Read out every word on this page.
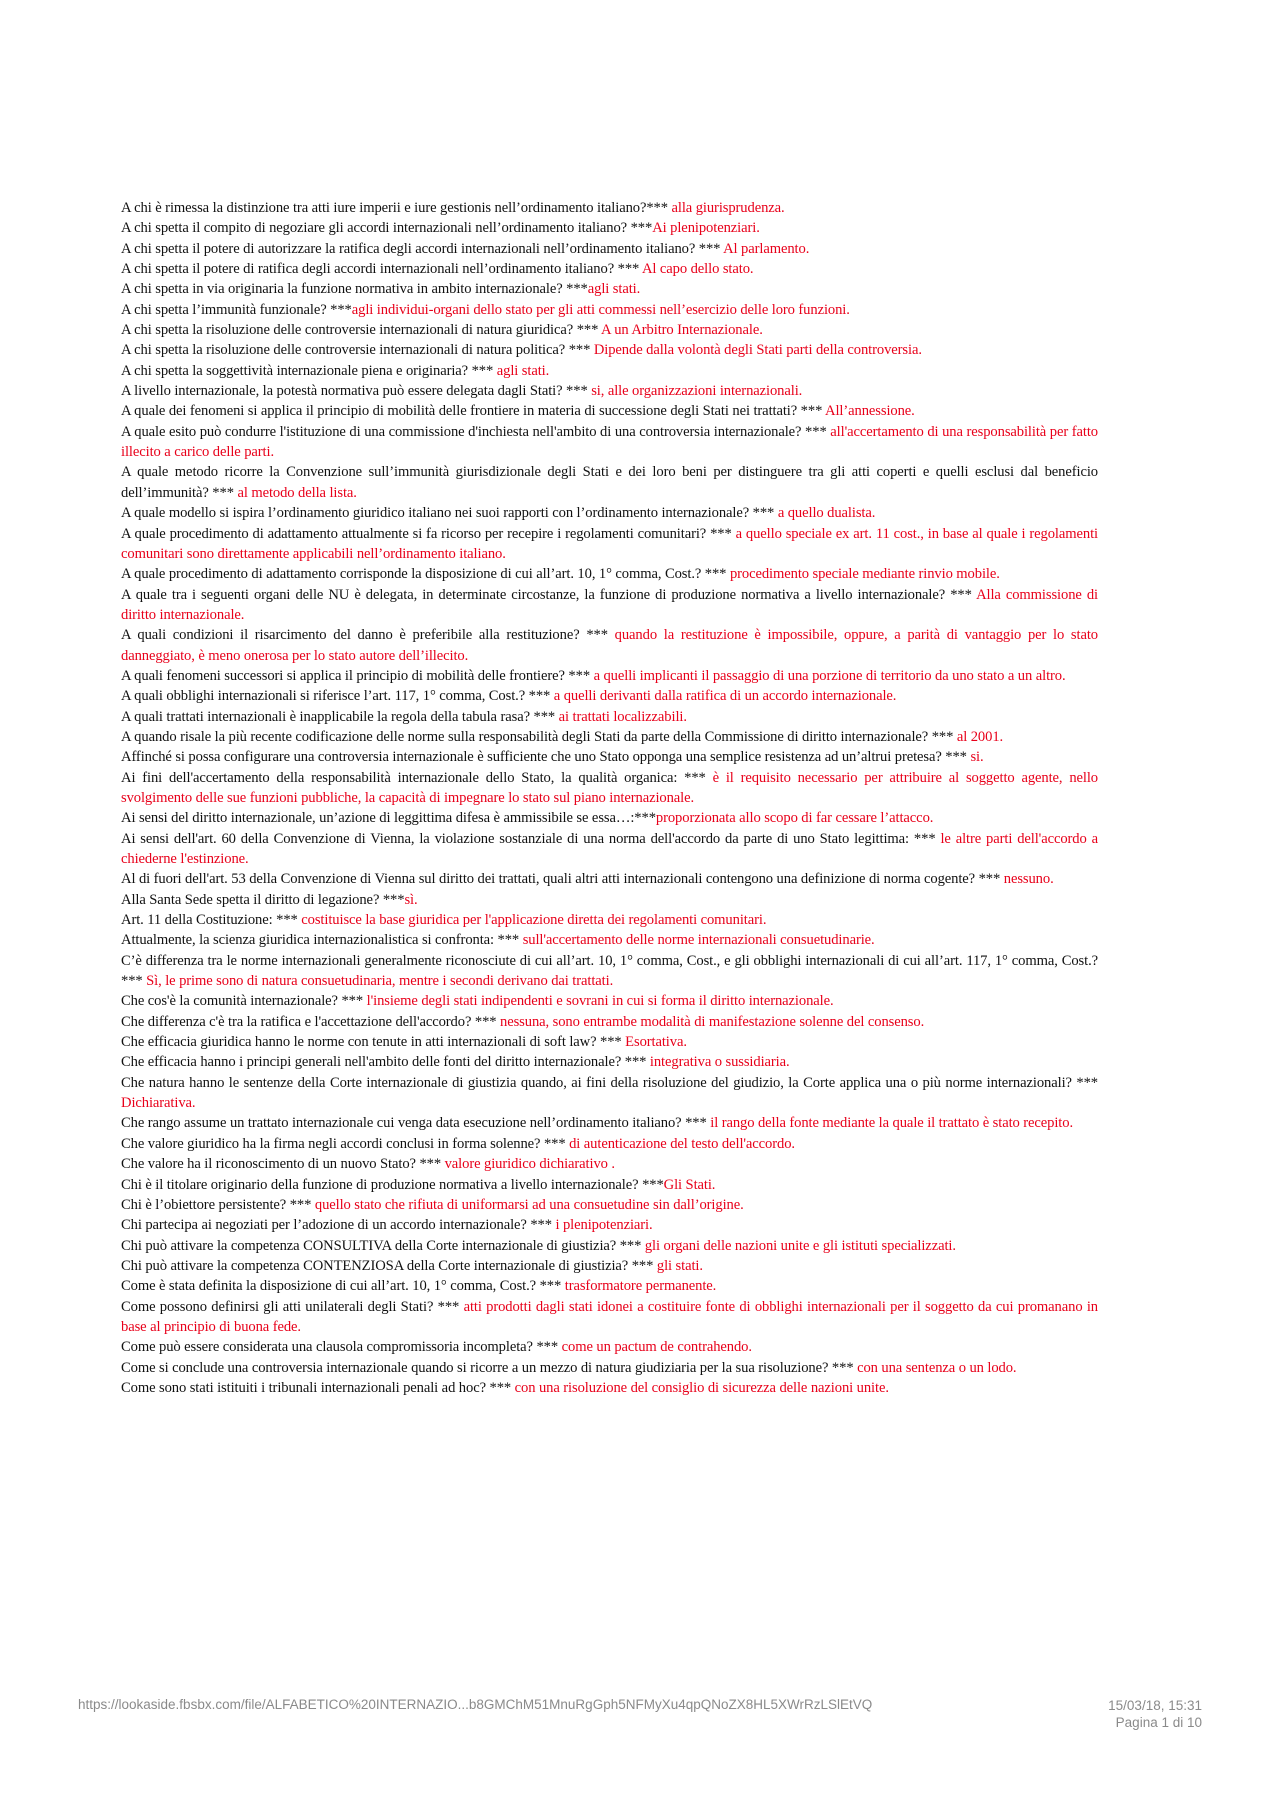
A chi è rimessa la distinzione tra atti iure imperii e iure gestionis nell’ordinamento italiano?*** alla giurisprudenza.
A chi spetta il compito di negoziare gli accordi internazionali nell’ordinamento italiano? ***Ai plenipotenziari.
A chi spetta il potere di autorizzare la ratifica degli accordi internazionali nell’ordinamento italiano? *** Al parlamento.
A chi spetta il potere di ratifica degli accordi internazionali nell’ordinamento italiano? *** Al capo dello stato.
A chi spetta in via originaria la funzione normativa in ambito internazionale? ***agli stati.
A chi spetta l’immunità funzionale? ***agli individui-organi dello stato per gli atti commessi nell’esercizio delle loro funzioni.
A chi spetta la risoluzione delle controversie internazionali di natura giuridica? *** A un Arbitro Internazionale.
A chi spetta la risoluzione delle controversie internazionali di natura politica? *** Dipende dalla volontà degli Stati parti della controversia.
A chi spetta la soggettività internazionale piena e originaria? *** agli stati.
A livello internazionale, la potestà normativa può essere delegata dagli Stati? *** si, alle organizzazioni internazionali.
A quale dei fenomeni si applica il principio di mobilità delle frontiere in materia di successione degli Stati nei trattati? *** All’annessione.
A quale esito può condurre l'istituzione di una commissione d'inchiesta nell'ambito di una controversia internazionale? *** all'accertamento di una responsabilità per fatto illecito a carico delle parti.
A quale metodo ricorre la Convenzione sull’immunità giurisdizionale degli Stati e dei loro beni per distinguere tra gli atti coperti e quelli esclusi dal beneficio dell’immunità? *** al metodo della lista.
A quale modello si ispira l’ordinamento giuridico italiano nei suoi rapporti con l’ordinamento internazionale? *** a quello dualista.
A quale procedimento di adattamento attualmente si fa ricorso per recepire i regolamenti comunitari? *** a quello speciale ex art. 11 cost., in base al quale i regolamenti comunitari sono direttamente applicabili nell’ordinamento italiano.
A quale procedimento di adattamento corrisponde la disposizione di cui all’art. 10, 1° comma, Cost.? *** procedimento speciale mediante rinvio mobile.
A quale tra i seguenti organi delle NU è delegata, in determinate circostanze, la funzione di produzione normativa a livello internazionale? *** Alla commissione di diritto internazionale.
A quali condizioni il risarcimento del danno è preferibile alla restituzione? *** quando la restituzione è impossibile, oppure, a parità di vantaggio per lo stato danneggiato, è meno onerosa per lo stato autore dell’illecito.
A quali fenomeni successori si applica il principio di mobilità delle frontiere? *** a quelli implicanti il passaggio di una porzione di territorio da uno stato a un altro.
A quali obblighi internazionali si riferisce l’art. 117, 1° comma, Cost.? *** a quelli derivanti dalla ratifica di un accordo internazionale.
A quali trattati internazionali è inapplicabile la regola della tabula rasa? *** ai trattati localizzabili.
A quando risale la più recente codificazione delle norme sulla responsabilità degli Stati da parte della Commissione di diritto internazionale? *** al 2001.
Affinché si possa configurare una controversia internazionale è sufficiente che uno Stato opponga una semplice resistenza ad un’altrui pretesa? *** si.
Ai fini dell'accertamento della responsabilità internazionale dello Stato, la qualità organica: *** è il requisito necessario per attribuire al soggetto agente, nello svolgimento delle sue funzioni pubbliche, la capacità di impegnare lo stato sul piano internazionale.
Ai sensi del diritto internazionale, un’azione di leggittima difesa è ammissibile se essa…:***proporzionata allo scopo di far cessare l’attacco.
Ai sensi dell'art. 60 della Convenzione di Vienna, la violazione sostanziale di una norma dell'accordo da parte di uno Stato legittima: *** le altre parti dell'accordo a chiederne l'estinzione.
Al di fuori dell'art. 53 della Convenzione di Vienna sul diritto dei trattati, quali altri atti internazionali contengono una definizione di norma cogente? *** nessuno.
Alla Santa Sede spetta il diritto di legazione? ***sì.
Art. 11 della Costituzione: *** costituisce la base giuridica per l'applicazione diretta dei regolamenti comunitari.
Attualmente, la scienza giuridica internazionalistica si confronta: *** sull'accertamento delle norme internazionali consuetudinarie.
C’è differenza tra le norme internazionali generalmente riconosciute di cui all’art. 10, 1° comma, Cost., e gli obblighi internazionali di cui all’art. 117, 1° comma, Cost.? *** Sì, le prime sono di natura consuetudinaria, mentre i secondi derivano dai trattati.
Che cos'è la comunità internazionale? *** l'insieme degli stati indipendenti e sovrani in cui si forma il diritto internazionale.
Che differenza c'è tra la ratifica e l'accettazione dell'accordo? *** nessuna, sono entrambe modalità di manifestazione solenne del consenso.
Che efficacia giuridica hanno le norme con tenute in atti internazionali di soft law? *** Esortativa.
Che efficacia hanno i principi generali nell'ambito delle fonti del diritto internazionale? *** integrativa o sussidiaria.
Che natura hanno le sentenze della Corte internazionale di giustizia quando, ai fini della risoluzione del giudizio, la Corte applica una o più norme internazionali? *** Dichiarativa.
Che rango assume un trattato internazionale cui venga data esecuzione nell’ordinamento italiano? *** il rango della fonte mediante la quale il trattato è stato recepito.
Che valore giuridico ha la firma negli accordi conclusi in forma solenne? *** di autenticazione del testo dell'accordo.
Che valore ha il riconoscimento di un nuovo Stato? *** valore giuridico dichiarativo .
Chi è il titolare originario della funzione di produzione normativa a livello internazionale? ***Gli Stati.
Chi è l’obiettore persistente? *** quello stato che rifiuta di uniformarsi ad una consuetudine sin dall’origine.
Chi partecipa ai negoziati per l’adozione di un accordo internazionale? *** i plenipotenziari.
Chi può attivare la competenza CONSULTIVA della Corte internazionale di giustizia? *** gli organi delle nazioni unite e gli istituti specializzati.
Chi può attivare la competenza CONTENZIOSA della Corte internazionale di giustizia? *** gli stati.
Come è stata definita la disposizione di cui all’art. 10, 1° comma, Cost.? *** trasformatore permanente.
Come possono definirsi gli atti unilaterali degli Stati? *** atti prodotti dagli stati idonei a costituire fonte di obblighi internazionali per il soggetto da cui promanano in base al principio di buona fede.
Come può essere considerata una clausola compromissoria incompleta? *** come un pactum de contrahendo.
Come si conclude una controversia internazionale quando si ricorre a un mezzo di natura giudiziaria per la sua risoluzione? *** con una sentenza o un lodo.
Come sono stati istituiti i tribunali internazionali penali ad hoc? *** con una risoluzione del consiglio di sicurezza delle nazioni unite.
https://lookaside.fbsbx.com/file/ALFABETICO%20INTERNAZIO...b8GMChM51MnuRgGph5NFMyXu4qpQNoZX8HL5XWrRzLSlEtVQ	15/03/18, 15:31
Pagina 1 di 10
